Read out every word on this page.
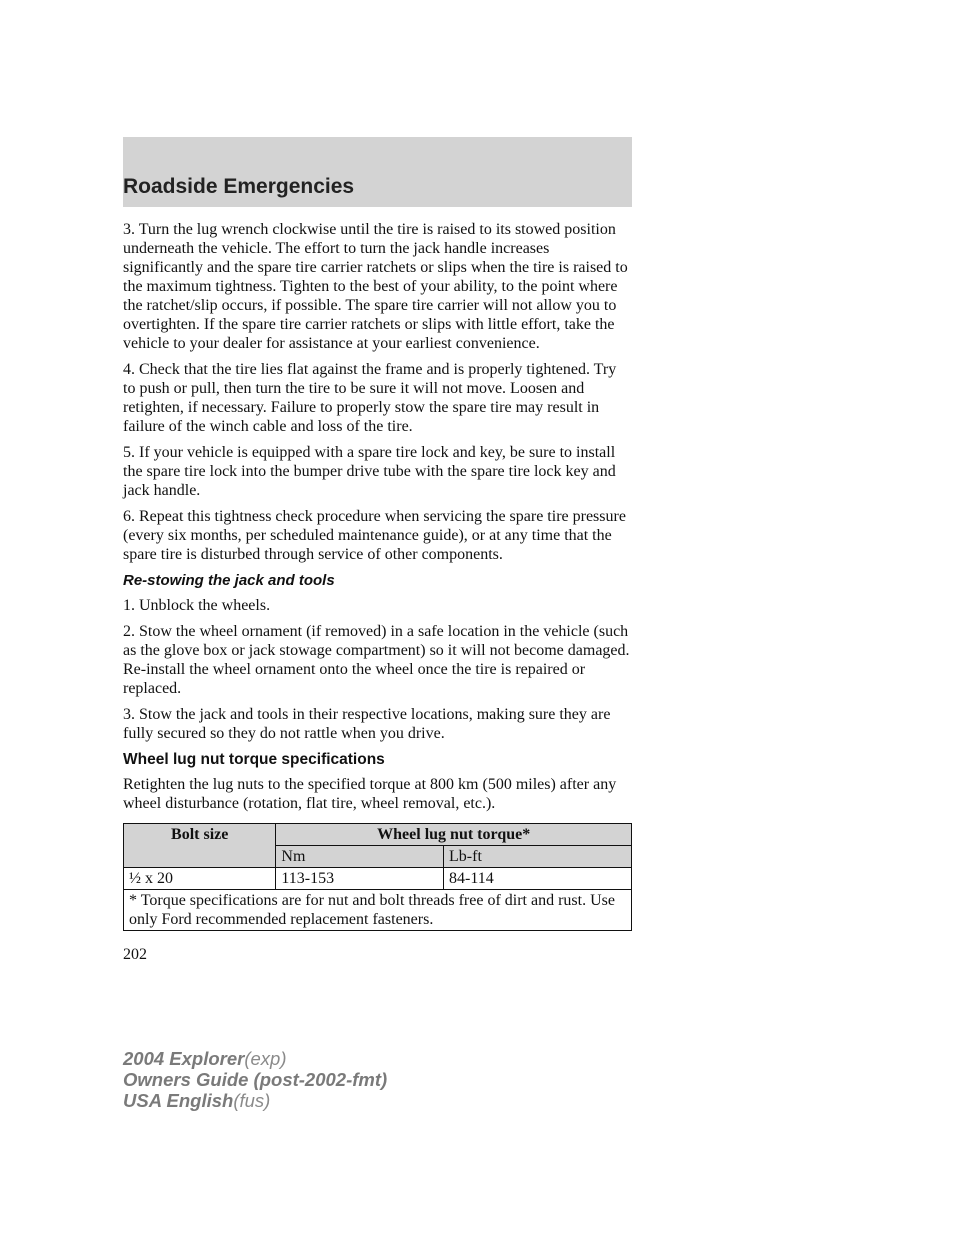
Roadside Emergencies

3. Turn the lug wrench clockwise until the tire is raised to its stowed position underneath the vehicle. The effort to turn the jack handle increases significantly and the spare tire carrier ratchets or slips when the tire is raised to the maximum tightness. Tighten to the best of your ability, to the point where the ratchet/slip occurs, if possible. The spare tire carrier will not allow you to overtighten. If the spare tire carrier ratchets or slips with little effort, take the vehicle to your dealer for assistance at your earliest convenience.

4. Check that the tire lies flat against the frame and is properly tightened. Try to push or pull, then turn the tire to be sure it will not move. Loosen and retighten, if necessary. Failure to properly stow the spare tire may result in failure of the winch cable and loss of the tire.

5. If your vehicle is equipped with a spare tire lock and key, be sure to install the spare tire lock into the bumper drive tube with the spare tire lock key and jack handle.

6. Repeat this tightness check procedure when servicing the spare tire pressure (every six months, per scheduled maintenance guide), or at any time that the spare tire is disturbed through service of other components.

Re-stowing the jack and tools

1. Unblock the wheels.

2. Stow the wheel ornament (if removed) in a safe location in the vehicle (such as the glove box or jack stowage compartment) so it will not become damaged. Re-install the wheel ornament onto the wheel once the tire is repaired or replaced.

3. Stow the jack and tools in their respective locations, making sure they are fully secured so they do not rattle when you drive.

Wheel lug nut torque specifications

Retighten the lug nuts to the specified torque at 800 km (500 miles) after any wheel disturbance (rotation, flat tire, wheel removal, etc.).

Bolt size	Wheel lug nut torque*	
	Nm	Lb-ft
½ x 20	113-153	84-114
* Torque specifications are for nut and bolt threads free of dirt and rust. Use only Ford recommended replacement fasteners.		
202
2004 Explorer(exp)
Owners Guide (post-2002-fmt)
USA English(fus)
